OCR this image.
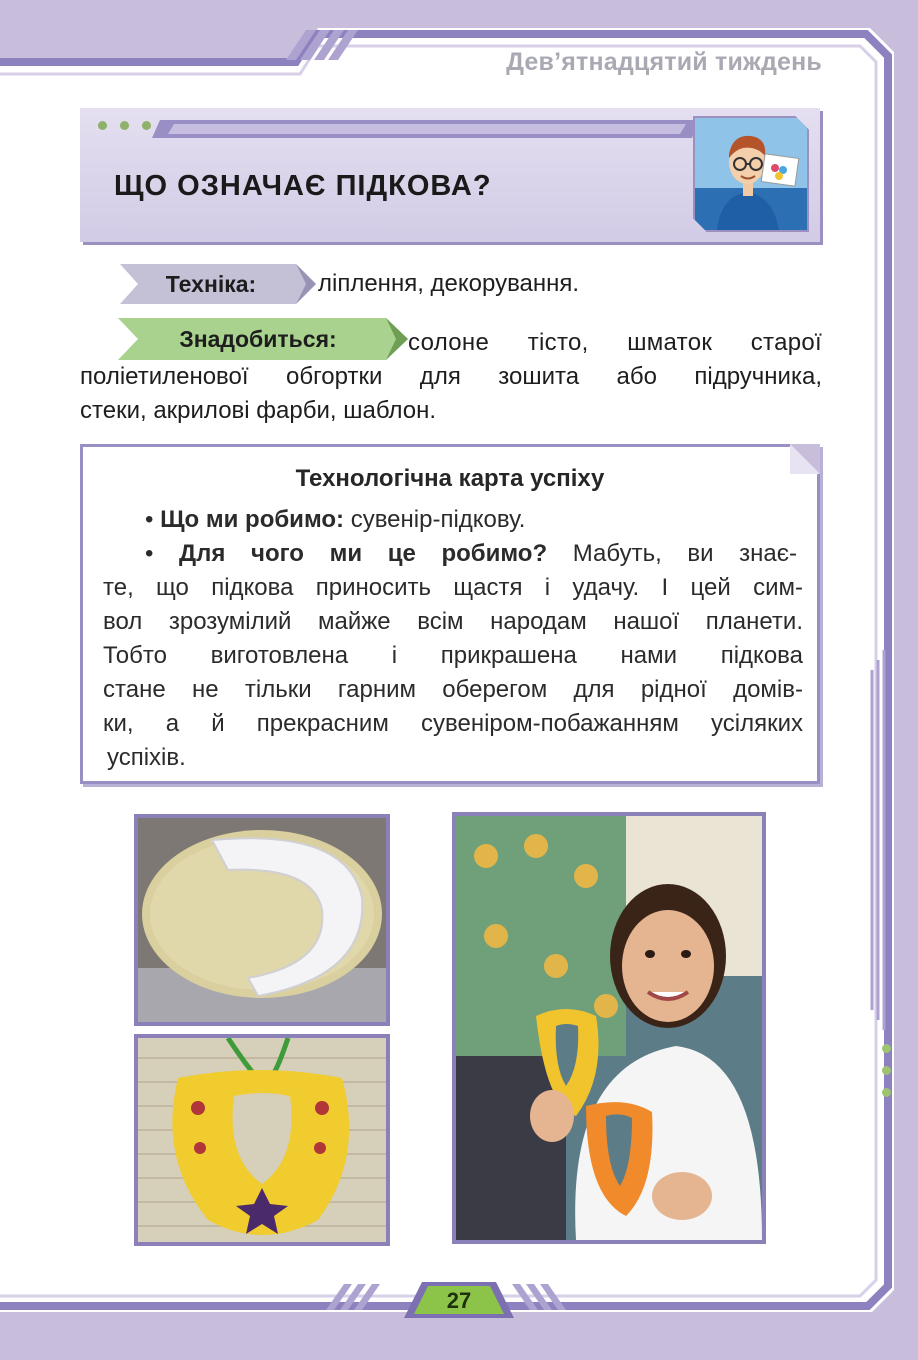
Дев’ятнадцятий тиждень
ЩО ОЗНАЧАЄ ПІДКОВА?
Техніка:	ліплення, декорування.
Знадобиться:	солоне тісто, шматок старої
поліетиленової обгортки для зошита або підручника,
стеки, акрилові фарби, шаблон.
Технологічна карта успіху
• Що ми робимо: сувенір-підкову.
• Для чого ми це робимо? Мабуть, ви знає-
те, що підкова приносить щастя і удачу. І цей сим-
вол зрозумілий майже всім народам нашої планети.
Тобто виготовлена і прикрашена нами підкова
стане не тільки гарним оберегом для рідної домів-
ки, а й прекрасним сувеніром-побажанням усіляких
успіхів.
27
